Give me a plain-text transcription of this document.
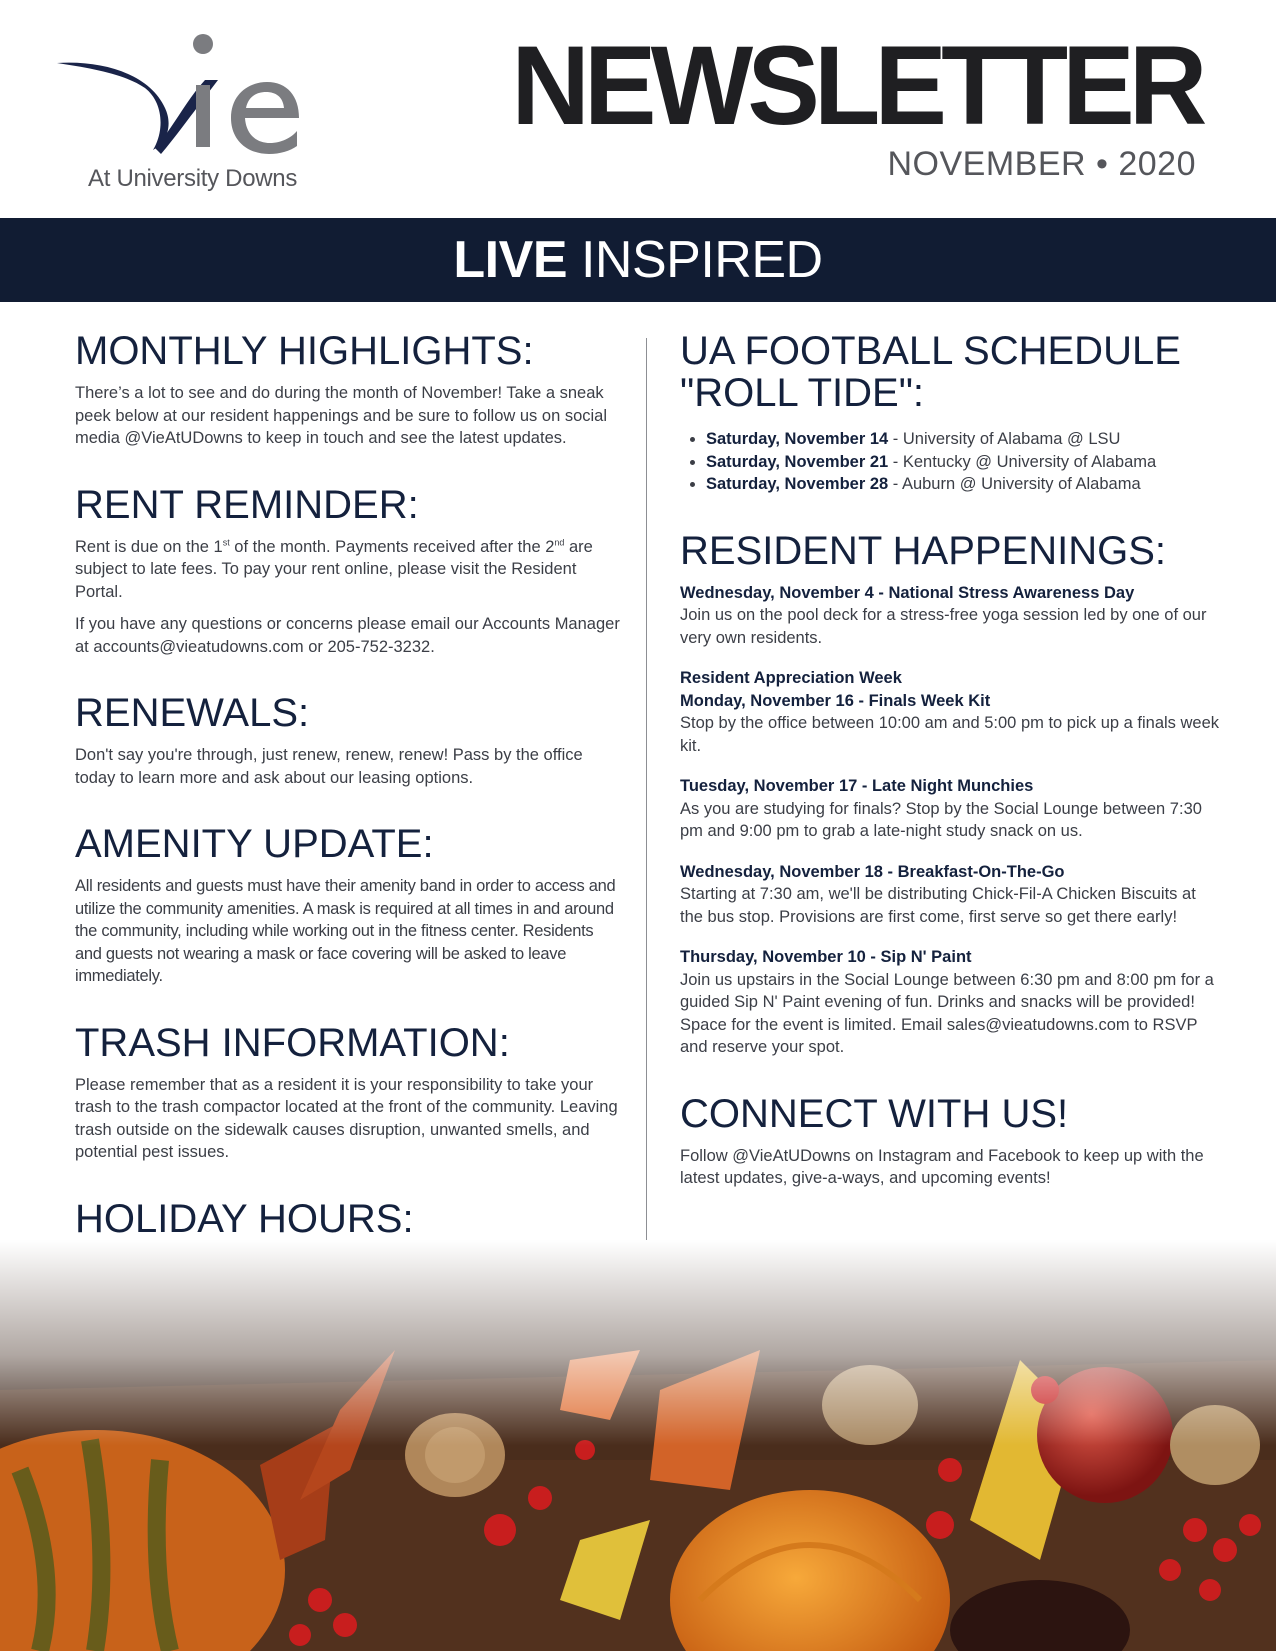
At University Downs
NEWSLETTER
NOVEMBER • 2020
LIVE INSPIRED
MONTHLY HIGHLIGHTS:

There’s a lot to see and do during the month of November! Take a sneak peek below at our resident happenings and be sure to follow us on social media @VieAtUDowns to keep in touch and see the latest updates.

RENT REMINDER:

Rent is due on the 1st of the month. Payments received after the 2nd are subject to late fees. To pay your rent online, please visit the Resident Portal.

If you have any questions or concerns please email our Accounts Manager at accounts@vieatudowns.com or 205-752-3232.

RENEWALS:

Don't say you're through, just renew, renew, renew! Pass by the office today to learn more and ask about our leasing options.

AMENITY UPDATE:

All residents and guests must have their amenity band in order to access and utilize the community amenities. A mask is required at all times in and around the community, including while working out in the fitness center. Residents and guests not wearing a mask or face covering will be asked to leave immediately.

TRASH INFORMATION:

Please remember that as a resident it is your responsibility to take your trash to the trash compactor located at the front of the community. Leaving trash outside on the sidewalk causes disruption, unwanted smells, and potential pest issues.

HOLIDAY HOURS:

UA FOOTBALL SCHEDULE "ROLL TIDE":
• Saturday, November 14 - University of Alabama @ LSU
• Saturday, November 21 - Kentucky @ University of Alabama
• Saturday, November 28 - Auburn @ University of Alabama
RESIDENT HAPPENINGS:
Wednesday, November 4 - National Stress Awareness Day

Join us on the pool deck for a stress-free yoga session led by one of our very own residents.

Resident Appreciation Week
Monday, November 16 - Finals Week Kit

Stop by the office between 10:00 am and 5:00 pm to pick up a finals week kit.

Tuesday, November 17 - Late Night Munchies

As you are studying for finals? Stop by the Social Lounge between 7:30 pm and 9:00 pm to grab a late-night study snack on us.

Wednesday, November 18 - Breakfast-On-The-Go

Starting at 7:30 am, we'll be distributing Chick-Fil-A Chicken Biscuits at the bus stop. Provisions are first come, first serve so get there early!

Thursday, November 10 - Sip N' Paint

Join us upstairs in the Social Lounge between 6:30 pm and 8:00 pm for a guided Sip N' Paint evening of fun. Drinks and snacks will be provided! Space for the event is limited. Email sales@vieatudowns.com to RSVP and reserve your spot.

CONNECT WITH US!

Follow @VieAtUDowns on Instagram and Facebook to keep up with the latest updates, give-a-ways, and upcoming events!
